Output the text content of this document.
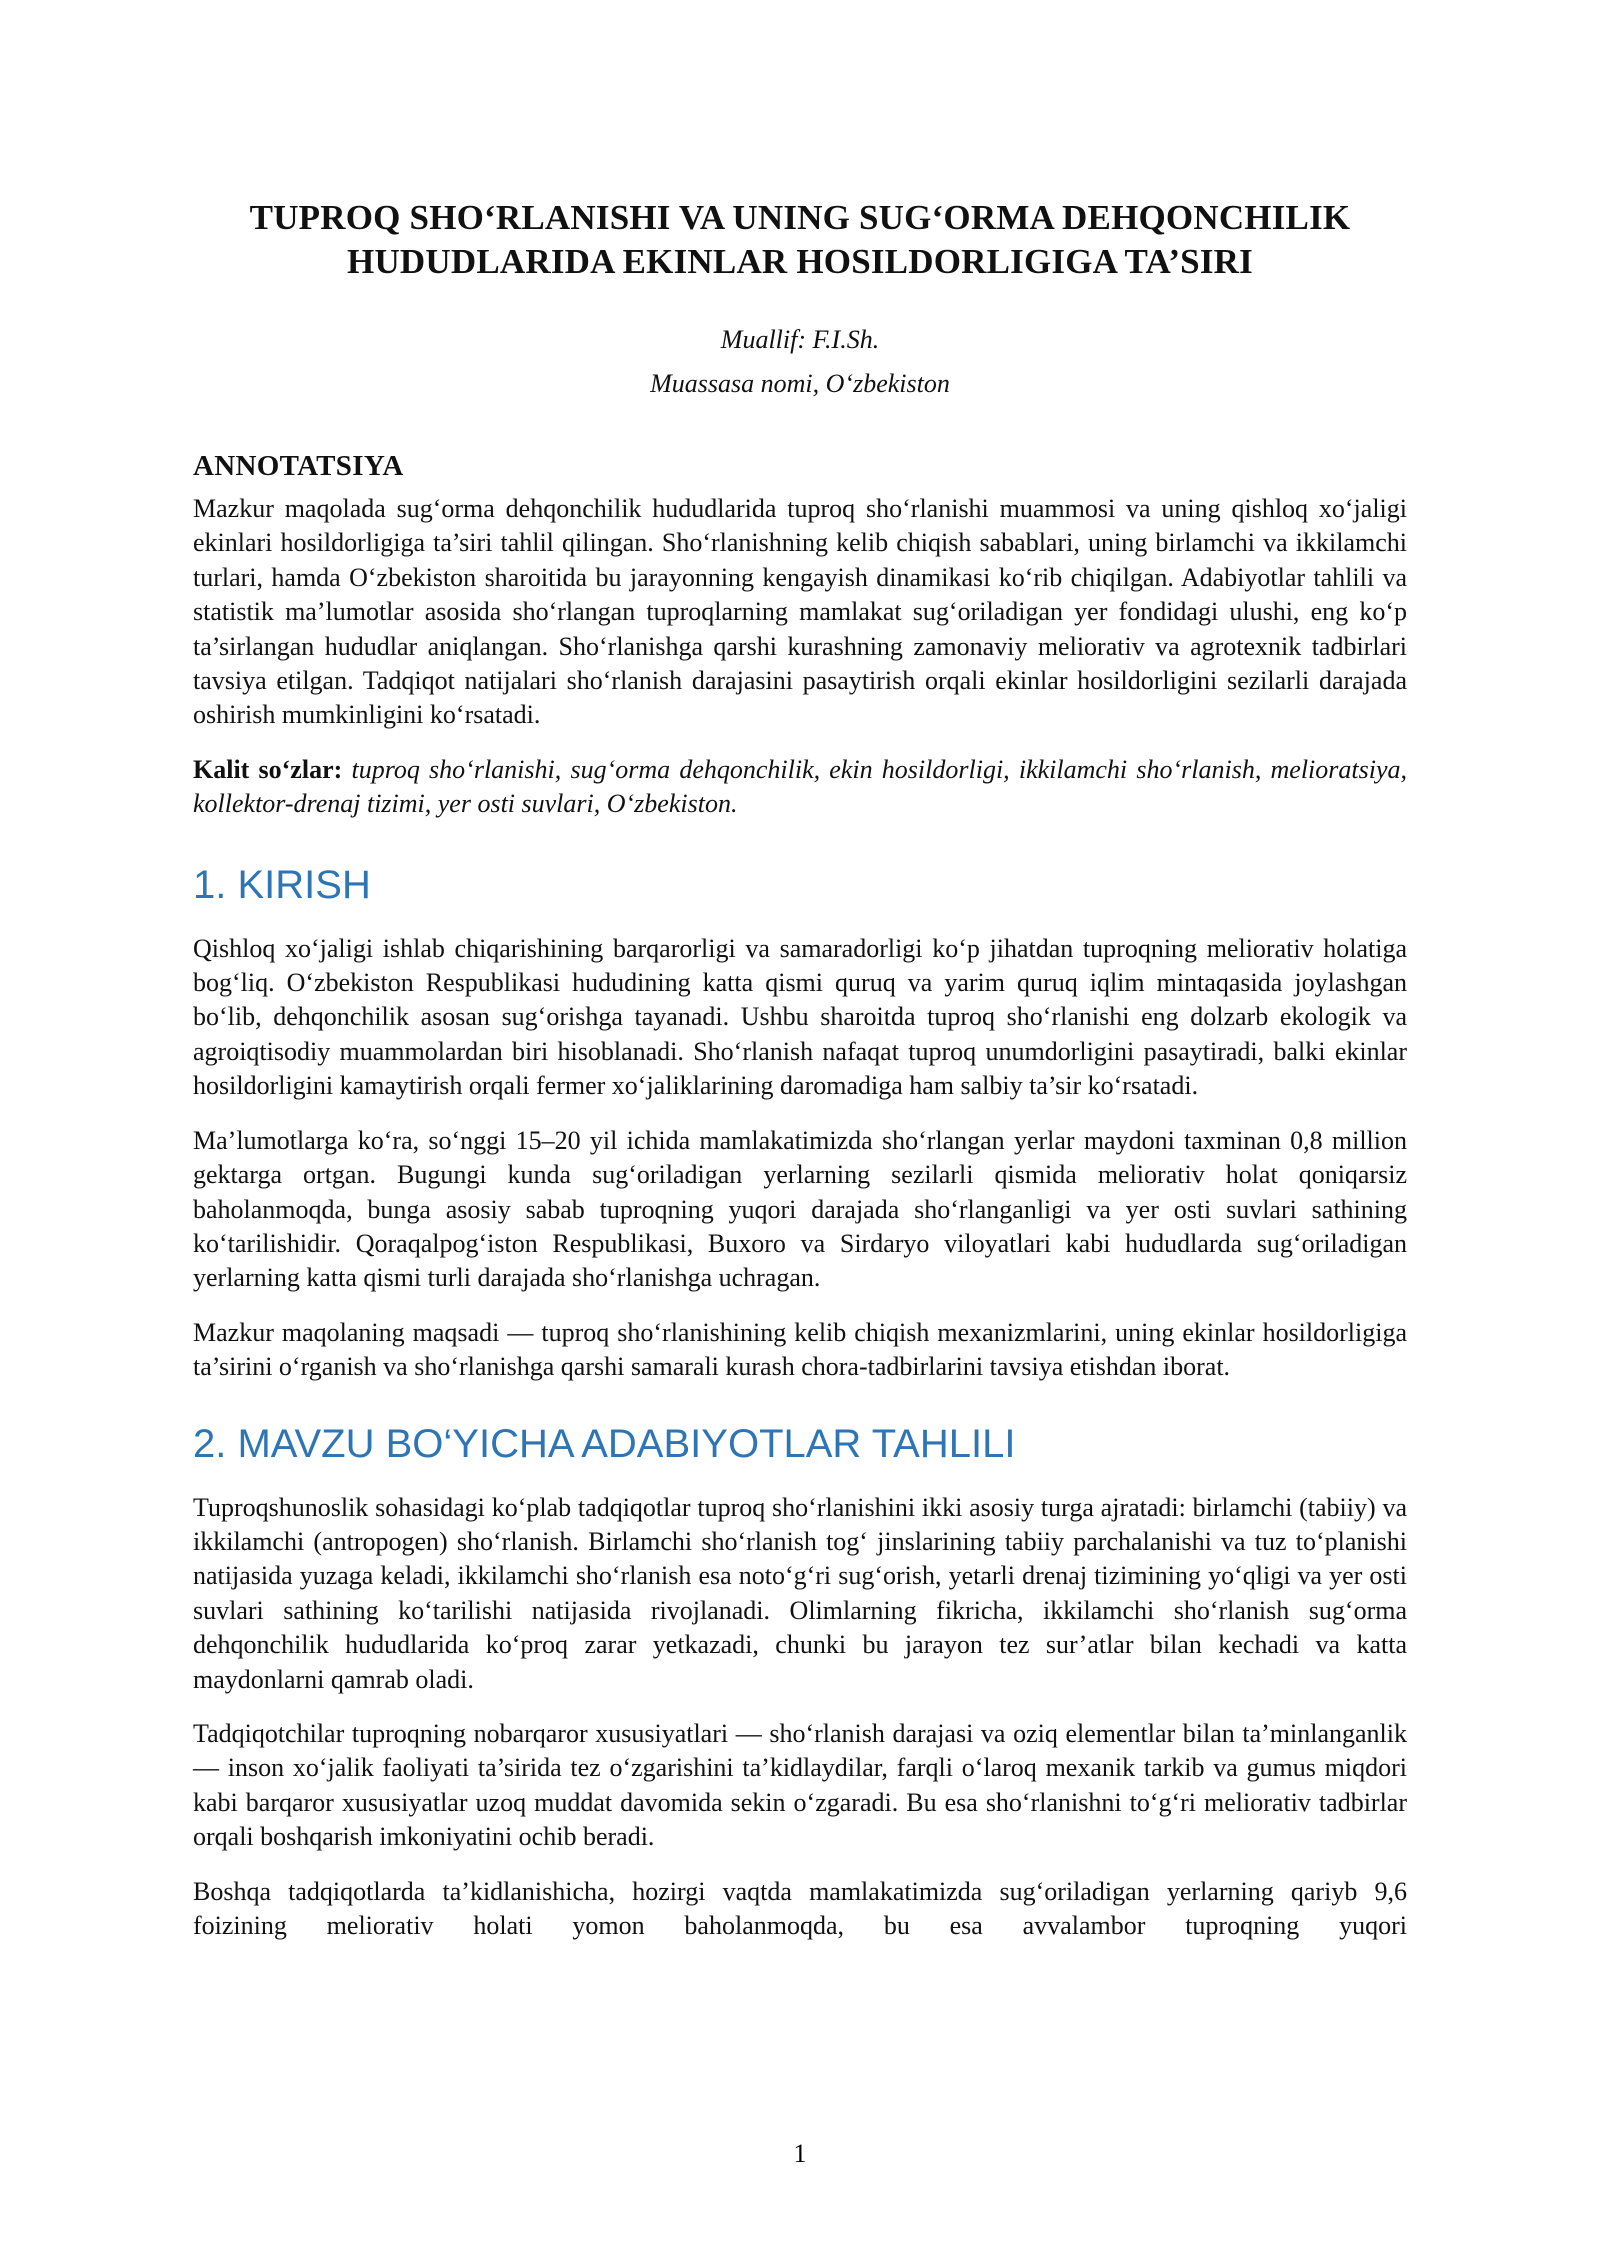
TUPROQ SHO‘RLANISHI VA UNING SUG‘ORMA DEHQONCHILIK
HUDUDLARIDA EKINLAR HOSILDORLIGIGA TA’SIRI

Muallif: F.I.Sh.

Muassasa nomi, O‘zbekiston

ANNOTATSIYA

Mazkur maqolada sug‘orma dehqonchilik hududlarida tuproq sho‘rlanishi muammosi va uning qishloq xo‘jaligi ekinlari hosildorligiga ta’siri tahlil qilingan. Sho‘rlanishning kelib chiqish sabablari, uning birlamchi va ikkilamchi turlari, hamda O‘zbekiston sharoitida bu jarayonning kengayish dinamikasi ko‘rib chiqilgan. Adabiyotlar tahlili va statistik ma’lumotlar asosida sho‘rlangan tuproqlarning mamlakat sug‘oriladigan yer fondidagi ulushi, eng ko‘p ta’sirlangan hududlar aniqlangan. Sho‘rlanishga qarshi kurashning zamonaviy meliorativ va agrotexnik tadbirlari tavsiya etilgan. Tadqiqot natijalari sho‘rlanish darajasini pasaytirish orqali ekinlar hosildorligini sezilarli darajada oshirish mumkinligini ko‘rsatadi.

Kalit so‘zlar: tuproq sho‘rlanishi, sug‘orma dehqonchilik, ekin hosildorligi, ikkilamchi sho‘rlanish, melioratsiya, kollektor-drenaj tizimi, yer osti suvlari, O‘zbekiston.

1. KIRISH

Qishloq xo‘jaligi ishlab chiqarishining barqarorligi va samaradorligi ko‘p jihatdan tuproqning meliorativ holatiga bog‘liq. O‘zbekiston Respublikasi hududining katta qismi quruq va yarim quruq iqlim mintaqasida joylashgan bo‘lib, dehqonchilik asosan sug‘orishga tayanadi. Ushbu sharoitda tuproq sho‘rlanishi eng dolzarb ekologik va agroiqtisodiy muammolardan biri hisoblanadi. Sho‘rlanish nafaqat tuproq unumdorligini pasaytiradi, balki ekinlar hosildorligini kamaytirish orqali fermer xo‘jaliklarining daromadiga ham salbiy ta’sir ko‘rsatadi.

Ma’lumotlarga ko‘ra, so‘nggi 15–20 yil ichida mamlakatimizda sho‘rlangan yerlar maydoni taxminan 0,8 million gektarga ortgan. Bugungi kunda sug‘oriladigan yerlarning sezilarli qismida meliorativ holat qoniqarsiz baholanmoqda, bunga asosiy sabab tuproqning yuqori darajada sho‘rlanganligi va yer osti suvlari sathining ko‘tarilishidir. Qoraqalpog‘iston Respublikasi, Buxoro va Sirdaryo viloyatlari kabi hududlarda sug‘oriladigan yerlarning katta qismi turli darajada sho‘rlanishga uchragan.

Mazkur maqolaning maqsadi — tuproq sho‘rlanishining kelib chiqish mexanizmlarini, uning ekinlar hosildorligiga ta’sirini o‘rganish va sho‘rlanishga qarshi samarali kurash chora-tadbirlarini tavsiya etishdan iborat.

2. MAVZU BO‘YICHA ADABIYOTLAR TAHLILI

Tuproqshunoslik sohasidagi ko‘plab tadqiqotlar tuproq sho‘rlanishini ikki asosiy turga ajratadi: birlamchi (tabiiy) va ikkilamchi (antropogen) sho‘rlanish. Birlamchi sho‘rlanish tog‘ jinslarining tabiiy parchalanishi va tuz to‘planishi natijasida yuzaga keladi, ikkilamchi sho‘rlanish esa noto‘g‘ri sug‘orish, yetarli drenaj tizimining yo‘qligi va yer osti suvlari sathining ko‘tarilishi natijasida rivojlanadi. Olimlarning fikricha, ikkilamchi sho‘rlanish sug‘orma dehqonchilik hududlarida ko‘proq zarar yetkazadi, chunki bu jarayon tez sur’atlar bilan kechadi va katta maydonlarni qamrab oladi.

Tadqiqotchilar tuproqning nobarqaror xususiyatlari — sho‘rlanish darajasi va oziq elementlar bilan ta’minlanganlik — inson xo‘jalik faoliyati ta’sirida tez o‘zgarishini ta’kidlaydilar, farqli o‘laroq mexanik tarkib va gumus miqdori kabi barqaror xususiyatlar uzoq muddat davomida sekin o‘zgaradi. Bu esa sho‘rlanishni to‘g‘ri meliorativ tadbirlar orqali boshqarish imkoniyatini ochib beradi.

Boshqa tadqiqotlarda ta’kidlanishicha, hozirgi vaqtda mamlakatimizda sug‘oriladigan yerlarning qariyb 9,6 foizining meliorativ holati yomon baholanmoqda, bu esa avvalambor tuproqning yuqori

1
